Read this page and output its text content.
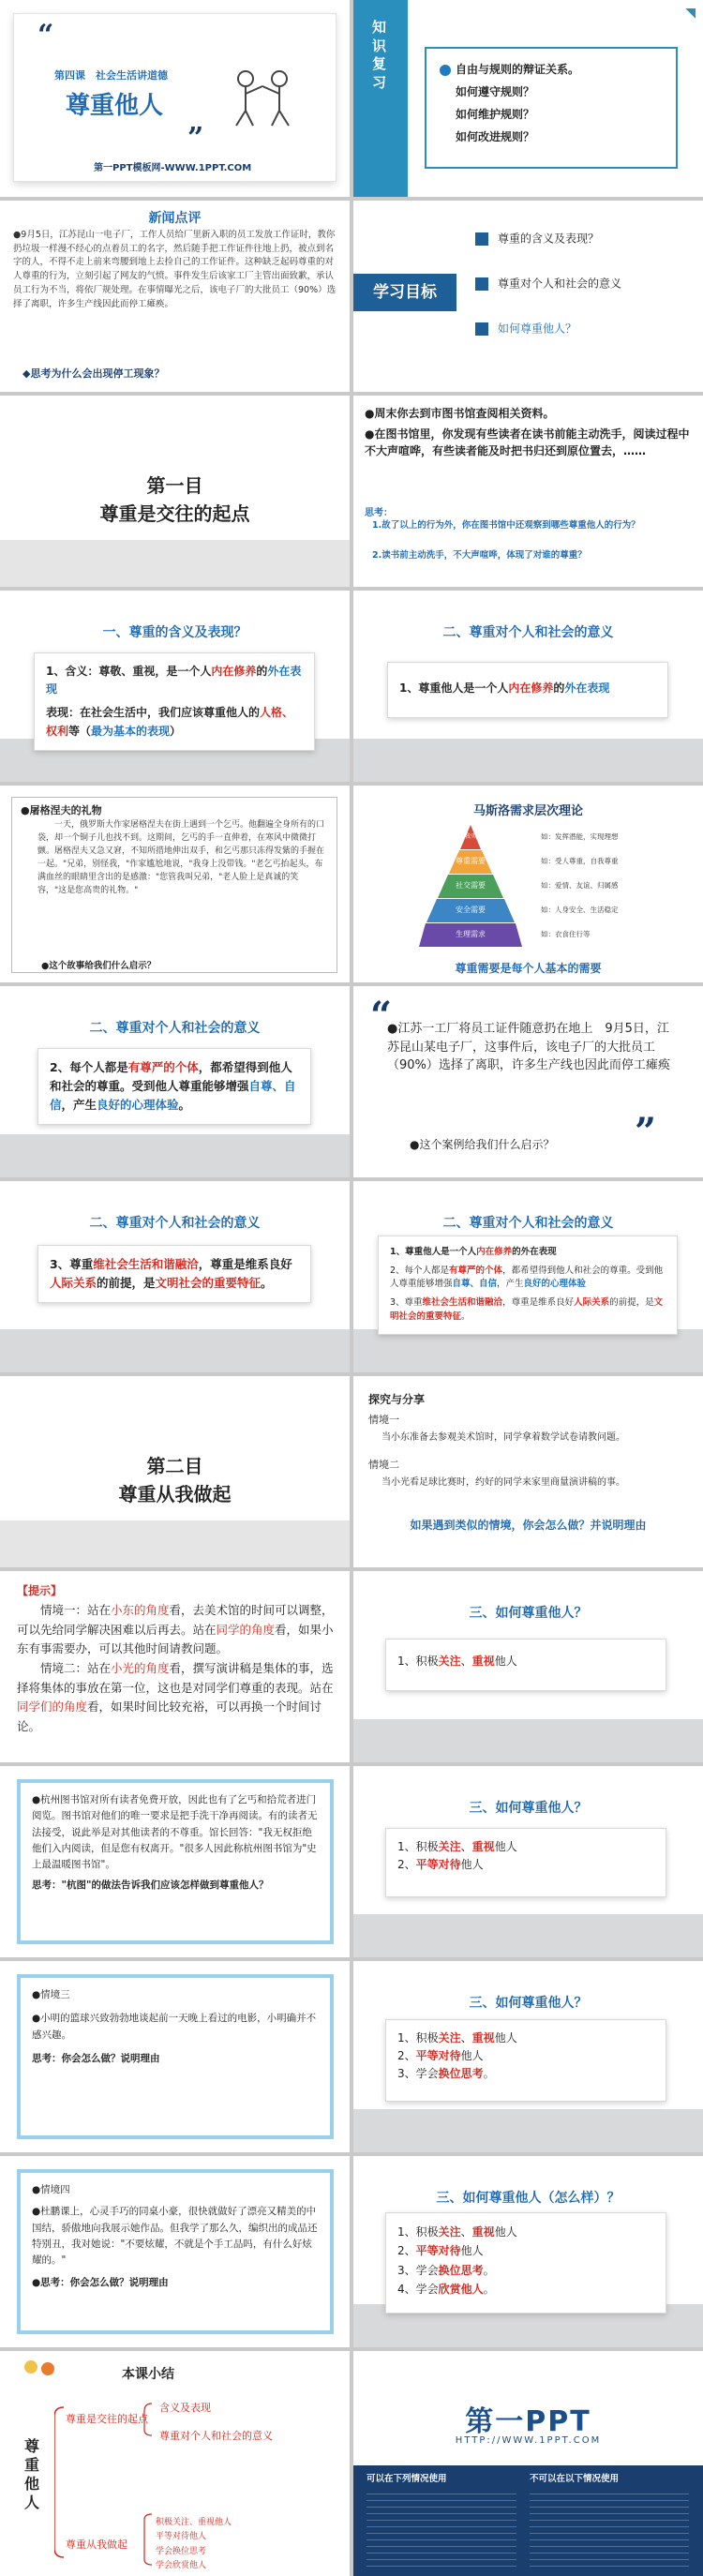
“
第四课　社会生活讲道德
尊重他人
”
第一PPT模板网-WWW.1PPT.COM
知识复习
自由与规则的辩证关系。
如何遵守规则？
如何维护规则？
如何改进规则？
◥
新闻点评
●9月5日，江苏昆山一电子厂，工作人员给厂里新入职的员工发放工作证时，教你扔垃圾一样漫不经心的点着员工的名字，然后随手把工作证件往地上扔，被点到名字的人，不得不走上前来弯腰到地上去捡自己的工作证件。这种缺乏起码尊重的对人尊重的行为，立刻引起了网友的气愤。事件发生后该家工厂主管出面致歉，承认员工行为不当，将依厂规处理。在事情曝光之后，该电子厂的大批员工（90%）选择了离职，许多生产线因此而停工瘫痪。
◆思考为什么会出现停工现象？
学习目标
尊重的含义及表现？
尊重对个人和社会的意义
如何尊重他人？
第一目
尊重是交往的起点
●周末你去到市图书馆查阅相关资料。
●在图书馆里，你发现有些读者在读书前能主动洗手，阅读过程中不大声喧哗，有些读者能及时把书归还到原位置去，……
思考：
1.故了以上的行为外，你在图书馆中还观察到哪些尊重他人的行为？
2.读书前主动洗手，不大声喧哗，体现了对谁的尊重？
一、尊重的含义及表现？
1、含义：尊敬、重视，是一个人内在修养的外在表现
表现：在社会生活中，我们应该尊重他人的人格、权利等（最为基本的表现）
二、尊重对个人和社会的意义
1、尊重他人是一个人内在修养的外在表现
●屠格涅夫的礼物
一天，俄罗斯大作家屠格涅夫在街上遇到一个乞丐。他翻遍全身所有的口袋，却一个铜子儿也找不到。这期间，乞丐的手一直伸着，在寒风中微微打颤。屠格涅夫又急又窘，不知所措地伸出双手，和乞丐那只冻得发紫的手握在一起。"兄弟，别怪我，"作家尴尬地说，"我身上没带钱。"老乞丐抬起头，布满血丝的眼睛里含出的是感激："您管我叫兄弟，"老人脸上是真诚的笑容，"这是您高贵的礼物。"
●这个故事给我们什么启示？
马斯洛需求层次理论
自我实现
尊重需要
社交需要
安全需要
生理需求
如：发挥潜能，实现理想
如：受人尊重，自我尊重
如：爱情、友谊、归属感
如：人身安全、生活稳定
如：衣食住行等
尊重需要是每个人基本的需要
二、尊重对个人和社会的意义
2、每个人都是有尊严的个体，都希望得到他人和社会的尊重。受到他人尊重能够增强自尊、自信，产生良好的心理体验。
“
●江苏一工厂将员工证件随意扔在地上　9月5日，江苏昆山某电子厂，这事件后，该电子厂的大批员工（90%）选择了离职，许多生产线也因此而停工瘫痪
●这个案例给我们什么启示？ ”
二、尊重对个人和社会的意义
3、尊重维社会生活和谐融洽，尊重是维系良好人际关系的前提，是文明社会的重要特征。
二、尊重对个人和社会的意义
1、尊重他人是一个人内在修养的外在表现
2、每个人都是有尊严的个体，都希望得到他人和社会的尊重。受到他人尊重能够增强自尊、自信，产生良好的心理体验
3、尊重维社会生活和谐融洽，尊重是维系良好人际关系的前提，是文明社会的重要特征。
第二目
尊重从我做起
探究与分享
情境一
当小东准备去参观美术馆时，同学拿着数学试卷请教问题。
情境二
当小光看足球比赛时，约好的同学来家里商量演讲稿的事。
如果遇到类似的情境，你会怎么做？并说明理由
【提示】
情境一：站在小东的角度看，去美术馆的时间可以调整，可以先给同学解决困难以后再去。站在同学的角度看，如果小东有事需要办，可以其他时间请教问题。
情境二：站在小光的角度看，撰写演讲稿是集体的事，选择将集体的事放在第一位，这也是对同学们尊重的表现。站在同学们的角度看，如果时间比较充裕，可以再换一个时间讨论。
三、如何尊重他人？
1、积极关注、重视他人
●杭州图书馆对所有读者免费开放，因此也有了乞丐和拾荒者进门阅览。图书馆对他们的唯一要求是把手洗干净再阅读。有的读者无法接受，说此举是对其他读者的不尊重。馆长回答："我无权拒绝他们入内阅读，但是您有权离开。"很多人因此称杭州图书馆为"史上最温暖图书馆"。
思考："杭图"的做法告诉我们应该怎样做到尊重他人？
三、如何尊重他人？
1、积极关注、重视他人
2、平等对待他人
●情境三
●小明的篮球兴致勃勃地谈起前一天晚上看过的电影，小明确并不感兴趣。
思考：你会怎么做？说明理由
三、如何尊重他人？
1、积极关注、重视他人
2、平等对待他人
3、学会换位思考。
●情境四
●杜鹏课上，心灵手巧的同桌小豪，很快就做好了漂亮又精美的中国结，骄傲地向我展示她作品。但我学了那么久，编织出的成品还特别丑，我对她说："不要炫耀，不就是个手工品吗，有什么好炫耀的。"
●思考：你会怎么做？说明理由
三、如何尊重他人（怎么样）？
1、积极关注、重视他人
2、平等对待他人
3、学会换位思考。
4、学会欣赏他人。
本课小结
尊重他人
尊重是交往的起点
含义及表现
尊重对个人和社会的意义
尊重从我做起
积极关注、重视他人
平等对待他人
学会换位思考
学会欣赏他人
第一PPT
HTTP://WWW.1PPT.COM
可以在下列情况使用	不可以在以下情况使用
